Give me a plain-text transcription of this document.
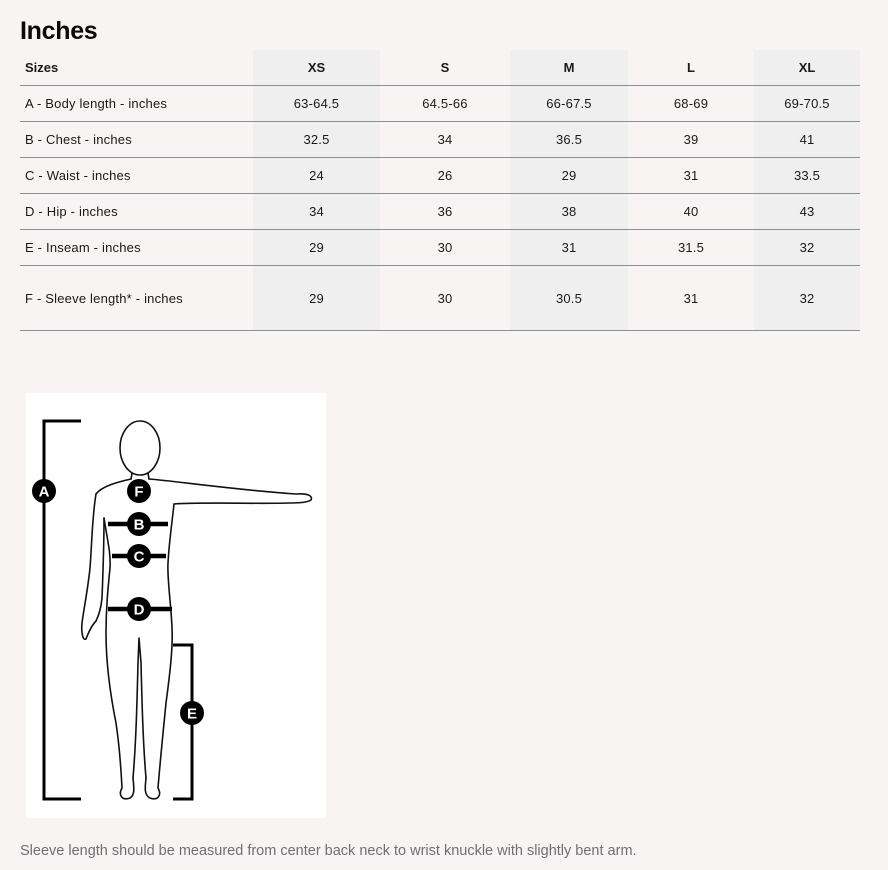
Inches
Sizes	XS	S	M	L	XL
A - Body length - inches	63-64.5	64.5-66	66-67.5	68-69	69-70.5
B - Chest - inches	32.5	34	36.5	39	41
C - Waist - inches	24	26	29	31	33.5
D - Hip - inches	34	36	38	40	43
E - Inseam - inches	29	30	31	31.5	32
F - Sleeve length* - inches	29	30	30.5	31	32
A	F
B
C
D
E
Sleeve length should be measured from center back neck to wrist knuckle with slightly bent arm.
